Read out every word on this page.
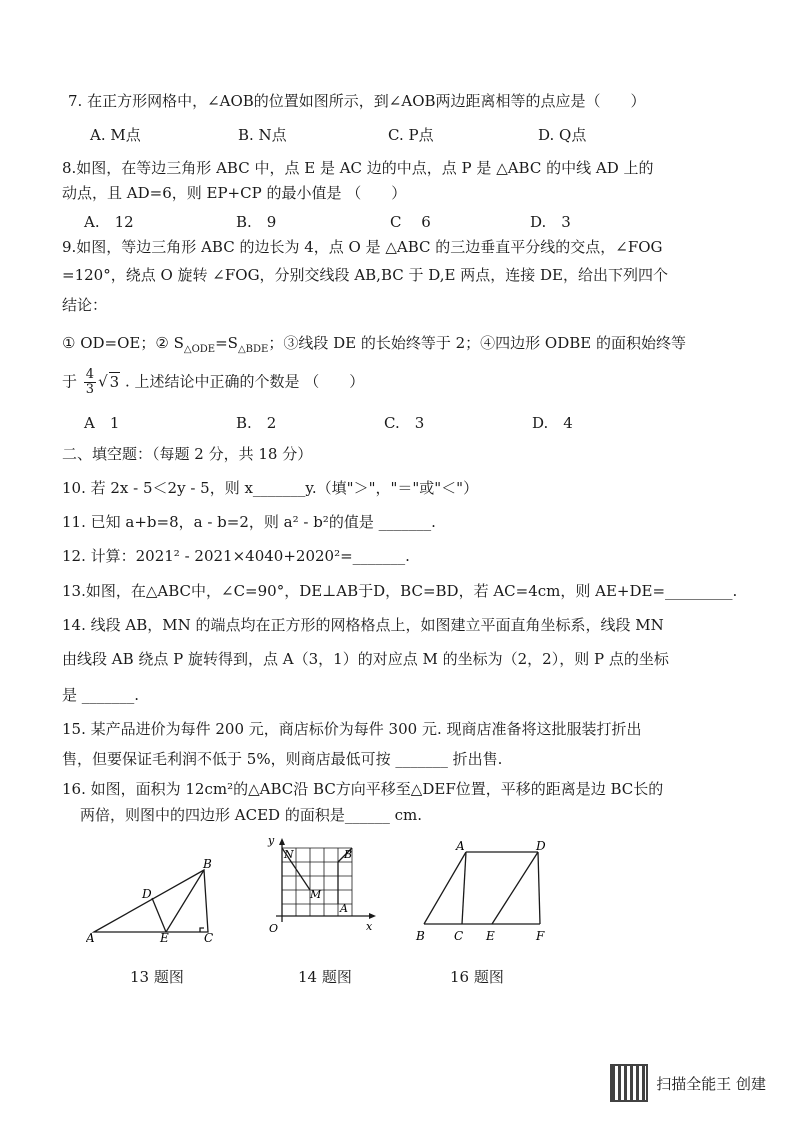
7. 在正方形网格中，∠AOB的位置如图所示，到∠AOB两边距离相等的点应是（　　）
A. M点	B. N点	C. P点	D. Q点
8.如图，在等边三角形 ABC 中，点 E 是 AC 边的中点，点 P 是 △ABC 的中线 AD 上的
动点，且 AD=6，则 EP+CP 的最小值是 （　　）
A.　12	B.　9	C　 6	D.　3
9.如图，等边三角形 ABC 的边长为 4，点 O 是 △ABC 的三边垂直平分线的交点，∠FOG
=120°，绕点 O 旋转 ∠FOG，分别交线段 AB,BC 于 D,E 两点，连接 DE，给出下列四个
结论：
① OD=OE；② $S_{\triangle ODE}=S_{\triangle BDE}$；③线段 DE 的长始终等于 2；④四边形 ODBE 的面积始终等
于 $\frac{4}{3}$ √ 3 . 上述结论中正确的个数是 （　　）
A　1	B.　2	C.　3	D.　4
二、填空题：（每题 2 分，共 18 分）
10. 若 2x - 5＜2y - 5，则 x_______y.（填"＞"，"＝"或"＜"）
11. 已知 a+b=8，a - b=2，则 a² - b²的值是 _______.
12. 计算：2021² - 2021×4040+2020²=_______.
13.如图，在△ABC中，∠C=90°，DE⊥AB于D，BC=BD，若 AC=4cm，则 AE+DE=_________.
14. 线段 AB，MN 的端点均在正方形的网格格点上，如图建立平面直角坐标系，线段 MN
由线段 AB 绕点 P 旋转得到，点 A（3，1）的对应点 M 的坐标为（2，2），则 P 点的坐标
是 _______.
15. 某产品进价为每件 200 元，商店标价为每件 300 元. 现商店准备将这批服装打折出
售，但要保证毛利润不低于 5%，则商店最低可按 _______ 折出售.
16. 如图，面积为 12cm²的△ABC沿 BC方向平移至△DEF位置，平移的距离是边 BC长的
两倍，则图中的四边形 ACED 的面积是______ cm.
A
B
C
D
E
13 题图
y
x
O
N
M
B
A
14 题图
A	D
B C E	F
16 题图
扫描全能王 创建
